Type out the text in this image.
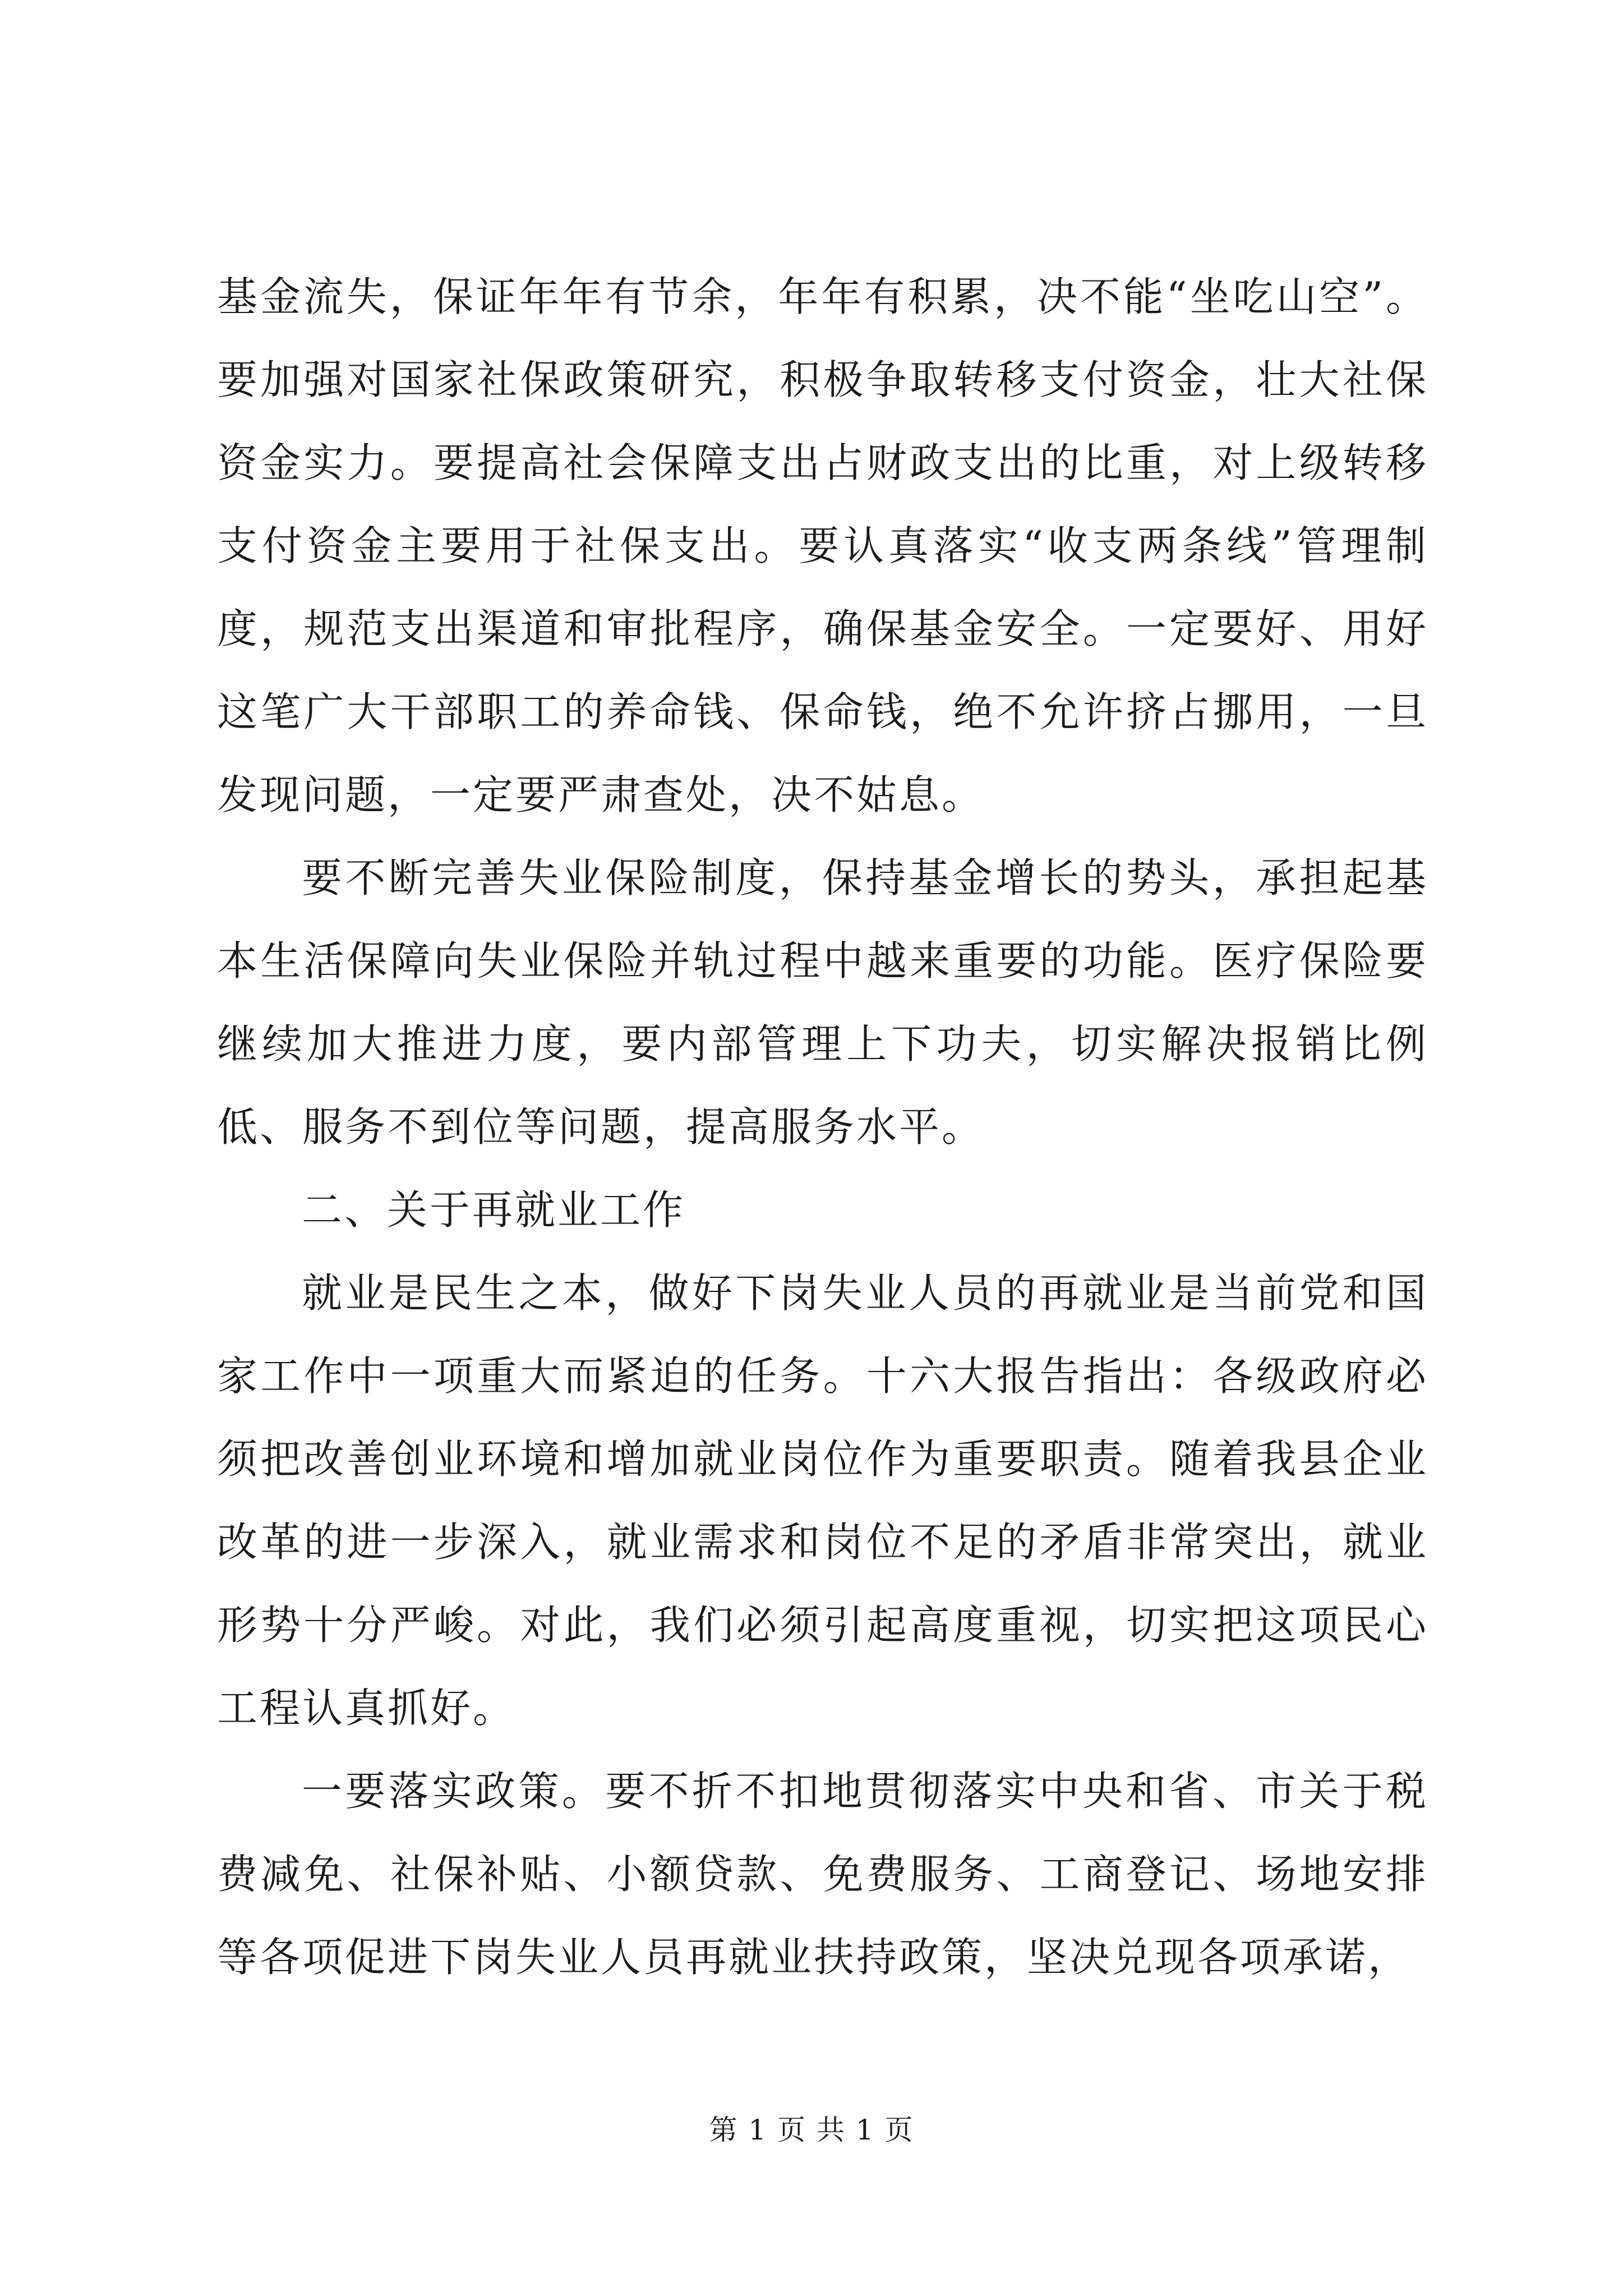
基金流失，保证年年有节余，年年有积累，决不能“坐吃山空”。要加强对国家社保政策研究，积极争取转移支付资金，壮大社保资金实力。要提高社会保障支出占财政支出的比重，对上级转移支付资金主要用于社保支出。要认真落实“收支两条线”管理制度，规范支出渠道和审批程序，确保基金安全。一定要好、用好这笔广大干部职工的养命钱、保命钱，绝不允许挤占挪用，一旦发现问题，一定要严肃查处，决不姑息。

要不断完善失业保险制度，保持基金增长的势头，承担起基本生活保障向失业保险并轨过程中越来重要的功能。医疗保险要继续加大推进力度，要内部管理上下功夫，切实解决报销比例低、服务不到位等问题，提高服务水平。

二、关于再就业工作

就业是民生之本，做好下岗失业人员的再就业是当前党和国家工作中一项重大而紧迫的任务。十六大报告指出：各级政府必须把改善创业环境和增加就业岗位作为重要职责。随着我县企业改革的进一步深入，就业需求和岗位不足的矛盾非常突出，就业形势十分严峻。对此，我们必须引起高度重视，切实把这项民心工程认真抓好。

一要落实政策。要不折不扣地贯彻落实中央和省、市关于税费减免、社保补贴、小额贷款、免费服务、工商登记、场地安排等各项促进下岗失业人员再就业扶持政策，坚决兑现各项承诺，

第 1 页 共 1 页
